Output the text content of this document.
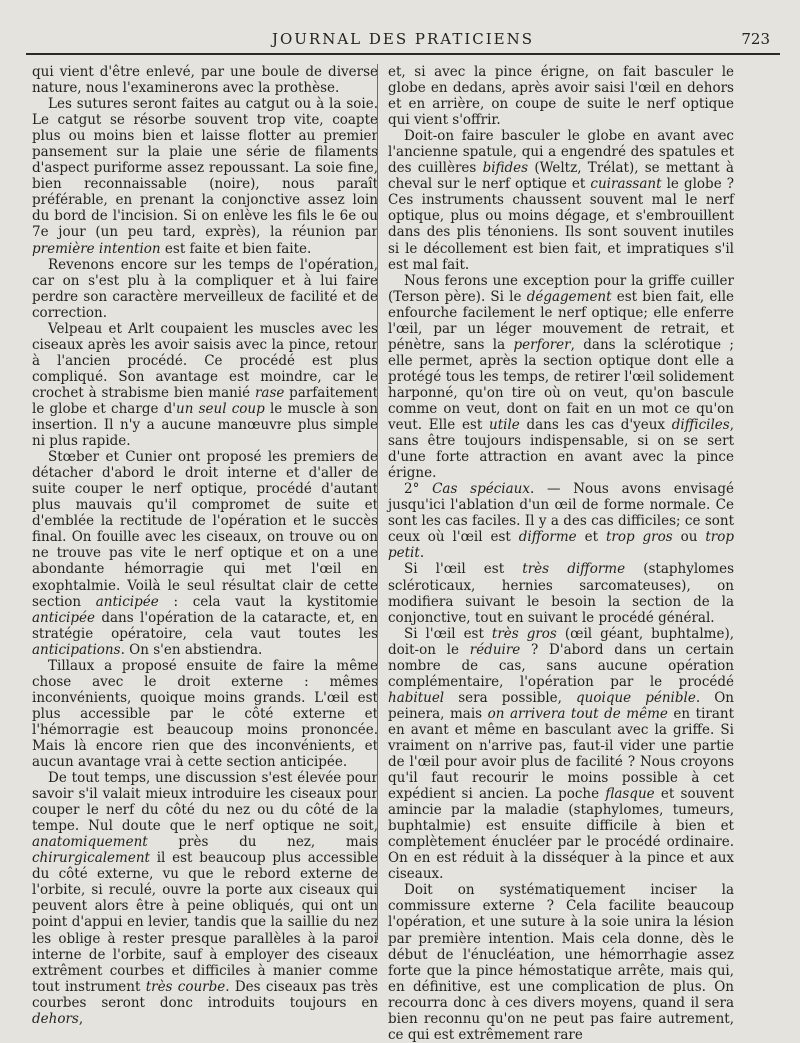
JOURNAL DES PRATICIENS	723

qui vient d'être enlevé, par une boule de diverse nature, nous l'examinerons avec la prothèse.

Les sutures seront faites au catgut ou à la soie. Le catgut se résorbe souvent trop vite, coapte plus ou moins bien et laisse flotter au premier pansement sur la plaie une série de filaments d'aspect puriforme assez repoussant. La soie fine, bien reconnaissable (noire), nous paraît préférable, en prenant la conjonctive assez loin du bord de l'incision. Si on enlève les fils le 6e ou 7e jour (un peu tard, exprès), la réunion par première intention est faite et bien faite.

Revenons encore sur les temps de l'opération, car on s'est plu à la compliquer et à lui faire perdre son caractère merveilleux de facilité et de correction.

Velpeau et Arlt coupaient les muscles avec les ciseaux après les avoir saisis avec la pince, retour à l'ancien procédé. Ce procédé est plus compliqué. Son avantage est moindre, car le crochet à strabisme bien manié rase parfaitement le globe et charge d'un seul coup le muscle à son insertion. Il n'y a aucune manœuvre plus simple ni plus rapide.

Stœber et Cunier ont proposé les premiers de détacher d'abord le droit interne et d'aller de suite couper le nerf optique, procédé d'autant plus mauvais qu'il compromet de suite et d'emblée la rectitude de l'opération et le succès final. On fouille avec les ciseaux, on trouve ou on ne trouve pas vite le nerf optique et on a une abondante hémorragie qui met l'œil en exophtalmie. Voilà le seul résultat clair de cette section anticipée : cela vaut la kystitomie anticipée dans l'opération de la cataracte, et, en stratégie opératoire, cela vaut toutes les anticipations. On s'en abstiendra.

Tillaux a proposé ensuite de faire la même chose avec le droit externe : mêmes inconvénients, quoique moins grands. L'œil est plus accessible par le côté externe et l'hémorragie est beaucoup moins prononcée. Mais là encore rien que des inconvénients, et aucun avantage vrai à cette section anticipée.

De tout temps, une discussion s'est élevée pour savoir s'il valait mieux introduire les ciseaux pour couper le nerf du côté du nez ou du côté de la tempe. Nul doute que le nerf optique ne soit, anatomiquement près du nez, mais chirurgicalement il est beaucoup plus accessible du côté externe, vu que le rebord externe de l'orbite, si reculé, ouvre la porte aux ciseaux qui peuvent alors être à peine obliqués, qui ont un point d'appui en levier, tandis que la saillie du nez les oblige à rester presque parallèles à la paroi interne de l'orbite, sauf à employer des ciseaux extrêment courbes et difficiles à manier comme tout instrument très courbe. Des ciseaux pas très courbes seront donc introduits toujours en dehors,

et, si avec la pince érigne, on fait basculer le globe en dedans, après avoir saisi l'œil en dehors et en arrière, on coupe de suite le nerf optique qui vient s'offrir.

Doit-on faire basculer le globe en avant avec l'ancienne spatule, qui a engendré des spatules et des cuillères bifides (Weltz, Trélat), se mettant à cheval sur le nerf optique et cuirassant le globe ? Ces instruments chaussent souvent mal le nerf optique, plus ou moins dégage, et s'embrouillent dans des plis ténoniens. Ils sont souvent inutiles si le décollement est bien fait, et impratiques s'il est mal fait.

Nous ferons une exception pour la griffe cuiller (Terson père). Si le dégagement est bien fait, elle enfourche facilement le nerf optique; elle enferre l'œil, par un léger mouvement de retrait, et pénètre, sans la perforer, dans la sclérotique ; elle permet, après la section optique dont elle a protégé tous les temps, de retirer l'œil solidement harponné, qu'on tire où on veut, qu'on bascule comme on veut, dont on fait en un mot ce qu'on veut. Elle est utile dans les cas d'yeux difficiles, sans être toujours indispensable, si on se sert d'une forte attraction en avant avec la pince érigne.

2° Cas spéciaux. — Nous avons envisagé jusqu'ici l'ablation d'un œil de forme normale. Ce sont les cas faciles. Il y a des cas difficiles; ce sont ceux où l'œil est difforme et trop gros ou trop petit.

Si l'œil est très difforme (staphylomes scléroticaux, hernies sarcomateuses), on modifiera suivant le besoin la section de la conjonctive, tout en suivant le procédé général.

Si l'œil est très gros (œil géant, buphtalme), doit-on le réduire ? D'abord dans un certain nombre de cas, sans aucune opération complémentaire, l'opération par le procédé habituel sera possible, quoique pénible. On peinera, mais on arrivera tout de même en tirant en avant et même en basculant avec la griffe. Si vraiment on n'arrive pas, faut-il vider une partie de l'œil pour avoir plus de facilité ? Nous croyons qu'il faut recourir le moins possible à cet expédient si ancien. La poche flasque et souvent amincie par la maladie (staphylomes, tumeurs, buphtalmie) est ensuite difficile à bien et complètement énucléer par le procédé ordinaire. On en est réduit à la disséquer à la pince et aux ciseaux.

Doit on systématiquement inciser la commissure externe ? Cela facilite beaucoup l'opération, et une suture à la soie unira la lésion par première intention. Mais cela donne, dès le début de l'énucléation, une hémorrhagie assez forte que la pince hémostatique arrête, mais qui, en définitive, est une complication de plus. On recourra donc à ces divers moyens, quand il sera bien reconnu qu'on ne peut pas faire autrement, ce qui est extrêmement rare
